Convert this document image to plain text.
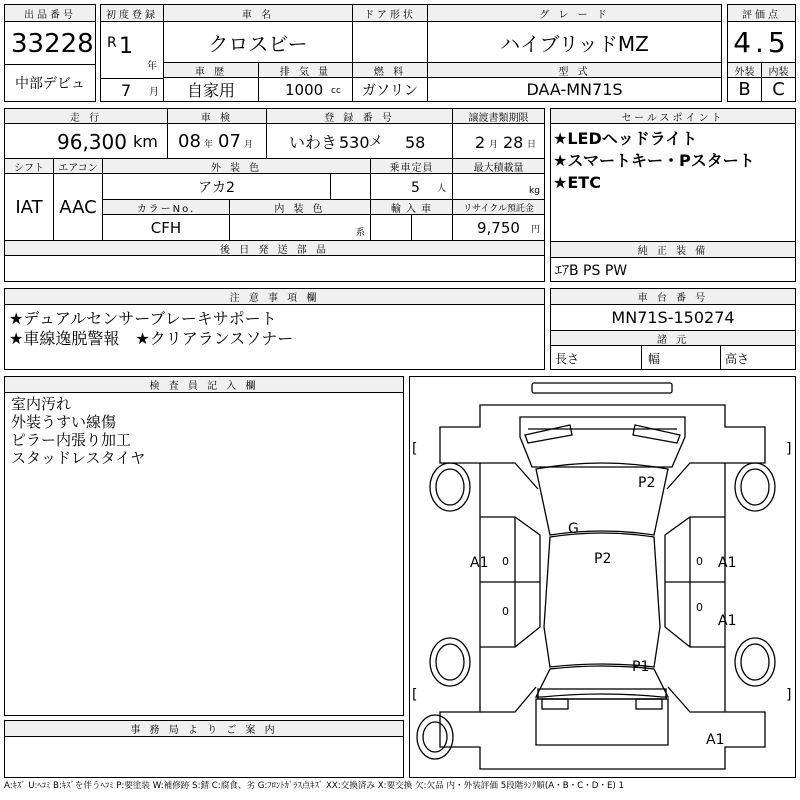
出品番号
33228
中部デビュ
初度登録
R 1
年
7 月
車 名
クロスビー
ドア形状	グ レ ー ド
ハイブリッドMZ
車 歴
自家用
排 気 量
1000 cc
燃 料
ガソリン
型 式
DAA-MN71S
評価点
4.5
外装	内装
B	C
走 行
96,300 km
車 検
08 年 07 月
登 録 番 号
いわき 530 メ 58
譲渡書類期限
2 月 28 日
シフト
IAT
エアコン
AAC
外 装 色
アカ2
乗車定員
5 人
最大積載量
kg
カラーNo.
CFH
内 装 色
系
輸 入 車	リサイクル預託金
9,750 円
後 日 発 送 部 品
セールスポイント
★LEDヘッドライト
★スマートキー・Pスタート
★ETC
純 正 装 備
ｴｱB PS PW
注 意 事 項 欄
★デュアルセンサーブレーキサポート
★車線逸脱警報　★クリアランスソナー
車 台 番 号
MN71S-150274
諸 元
長さ	幅	高さ
検 査 員 記 入 欄
室内汚れ
外装うすい線傷
ピラー内張り加工
スタッドレスタイヤ
事 務 局 よ り ご 案 内
[	]
[	]
P2
G
P2
A1 0
0
0
0
A1
A1
P1
A1
A:ｷｽﾞ U:ﾍｺﾐ B:ｷｽﾞを伴うﾍｺﾐ P:要塗装 W:補修跡 S:錆 C:腐食、劣 G:ﾌﾛﾝﾄｶﾞﾗｽ点ｷｽﾞ XX:交換済み X:要交換 欠:欠品 内・外装評価 5段階ﾗﾝｸ順(A・B・C・D・E) 1
